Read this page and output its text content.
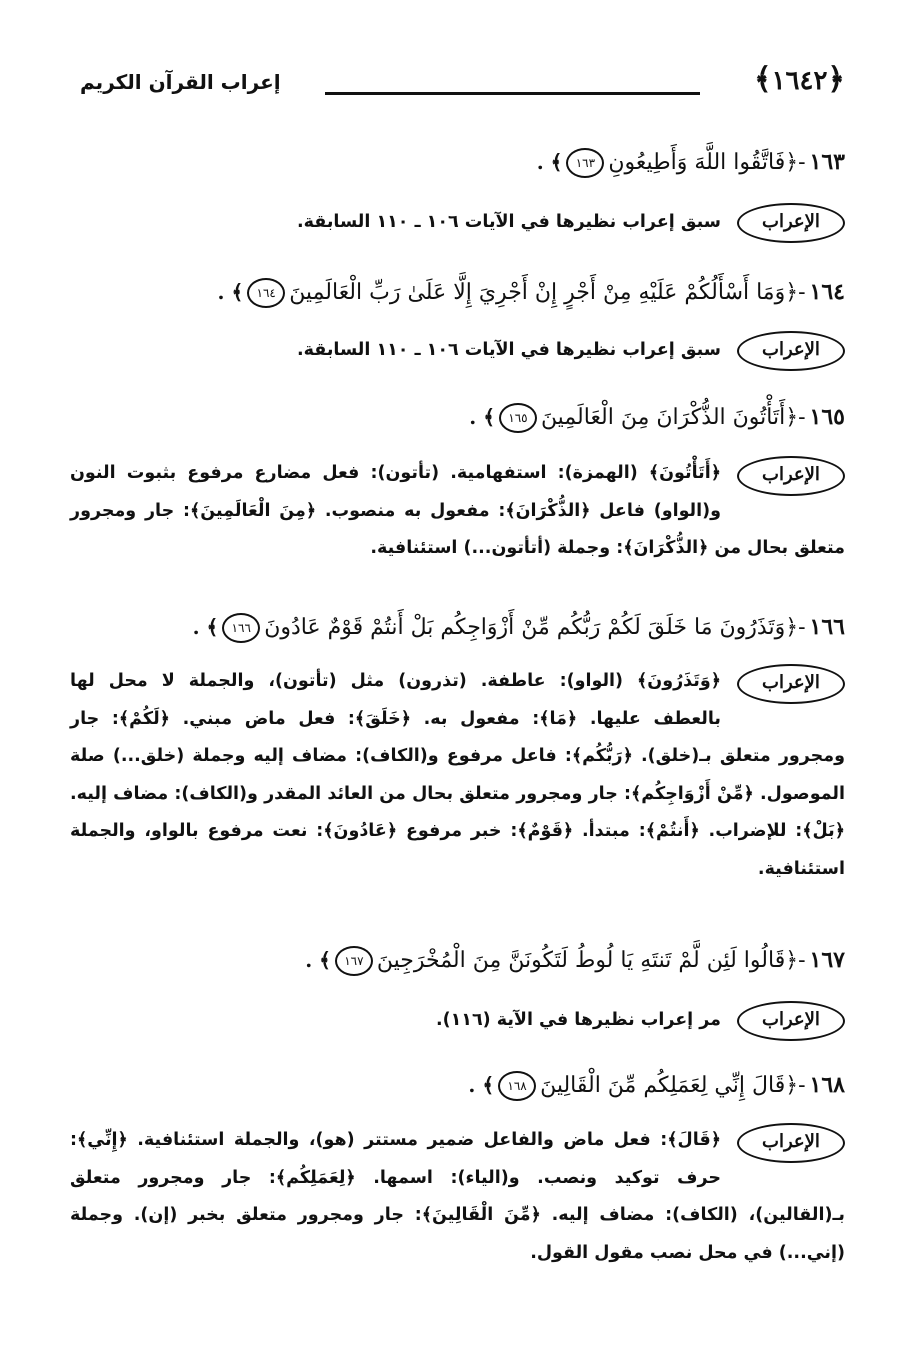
﴿١٦٤٢﴾
إعراب القرآن الكريم
١٦٣-﴿فَاتَّقُوا اللَّهَ وَأَطِيعُونِ١٦٣﴾ .
الإعراب
سبق إعراب نظيرها في الآيات ١٠٦ ـ ١١٠ السابقة.
١٦٤-﴿وَمَا أَسْأَلُكُمْ عَلَيْهِ مِنْ أَجْرٍ إِنْ أَجْرِيَ إِلَّا عَلَىٰ رَبِّ الْعَالَمِينَ١٦٤﴾ .
الإعراب
سبق إعراب نظيرها في الآيات ١٠٦ ـ ١١٠ السابقة.
١٦٥-﴿أَتَأْتُونَ الذُّكْرَانَ مِنَ الْعَالَمِينَ١٦٥﴾ .
الإعراب
﴿أَتَأْتُونَ﴾ (الهمزة): استفهامية. (تأتون): فعل مضارع مرفوع بثبوت النون و(الواو) فاعل ﴿الذُّكْرَانَ﴾: مفعول به منصوب. ﴿مِنَ الْعَالَمِينَ﴾: جار ومجرور متعلق بحال من ﴿الذُّكْرَانَ﴾: وجملة (أتأتون...) استئنافية.
١٦٦-﴿وَتَذَرُونَ مَا خَلَقَ لَكُمْ رَبُّكُم مِّنْ أَزْوَاجِكُم بَلْ أَنتُمْ قَوْمٌ عَادُونَ١٦٦﴾ .
الإعراب
﴿وَتَذَرُونَ﴾ (الواو): عاطفة. (تذرون) مثل (تأتون)، والجملة لا محل لها بالعطف عليها. ﴿مَا﴾: مفعول به. ﴿خَلَقَ﴾: فعل ماض مبني. ﴿لَكُمْ﴾: جار ومجرور متعلق بـ(خلق). ﴿رَبُّكُم﴾: فاعل مرفوع و(الكاف): مضاف إليه وجملة (خلق...) صلة الموصول. ﴿مِّنْ أَزْوَاجِكُم﴾: جار ومجرور متعلق بحال من العائد المقدر و(الكاف): مضاف إليه. ﴿بَلْ﴾: للإضراب. ﴿أَنتُمْ﴾: مبتدأ. ﴿قَوْمٌ﴾: خبر مرفوع ﴿عَادُونَ﴾: نعت مرفوع بالواو، والجملة استئنافية.
١٦٧-﴿قَالُوا لَئِن لَّمْ تَنتَهِ يَا لُوطُ لَتَكُونَنَّ مِنَ الْمُخْرَجِينَ١٦٧﴾ .
الإعراب
مر إعراب نظيرها في الآية (١١٦).
١٦٨-﴿قَالَ إِنِّي لِعَمَلِكُم مِّنَ الْقَالِينَ١٦٨﴾ .
الإعراب
﴿قَالَ﴾: فعل ماض والفاعل ضمير مستتر (هو)، والجملة استئنافية. ﴿إِنِّي﴾: حرف توكيد ونصب. و(الياء): اسمها. ﴿لِعَمَلِكُم﴾: جار ومجرور متعلق بـ(القالين)، (الكاف): مضاف إليه. ﴿مِّنَ الْقَالِينَ﴾: جار ومجرور متعلق بخبر (إن). وجملة (إني...) في محل نصب مقول القول.
